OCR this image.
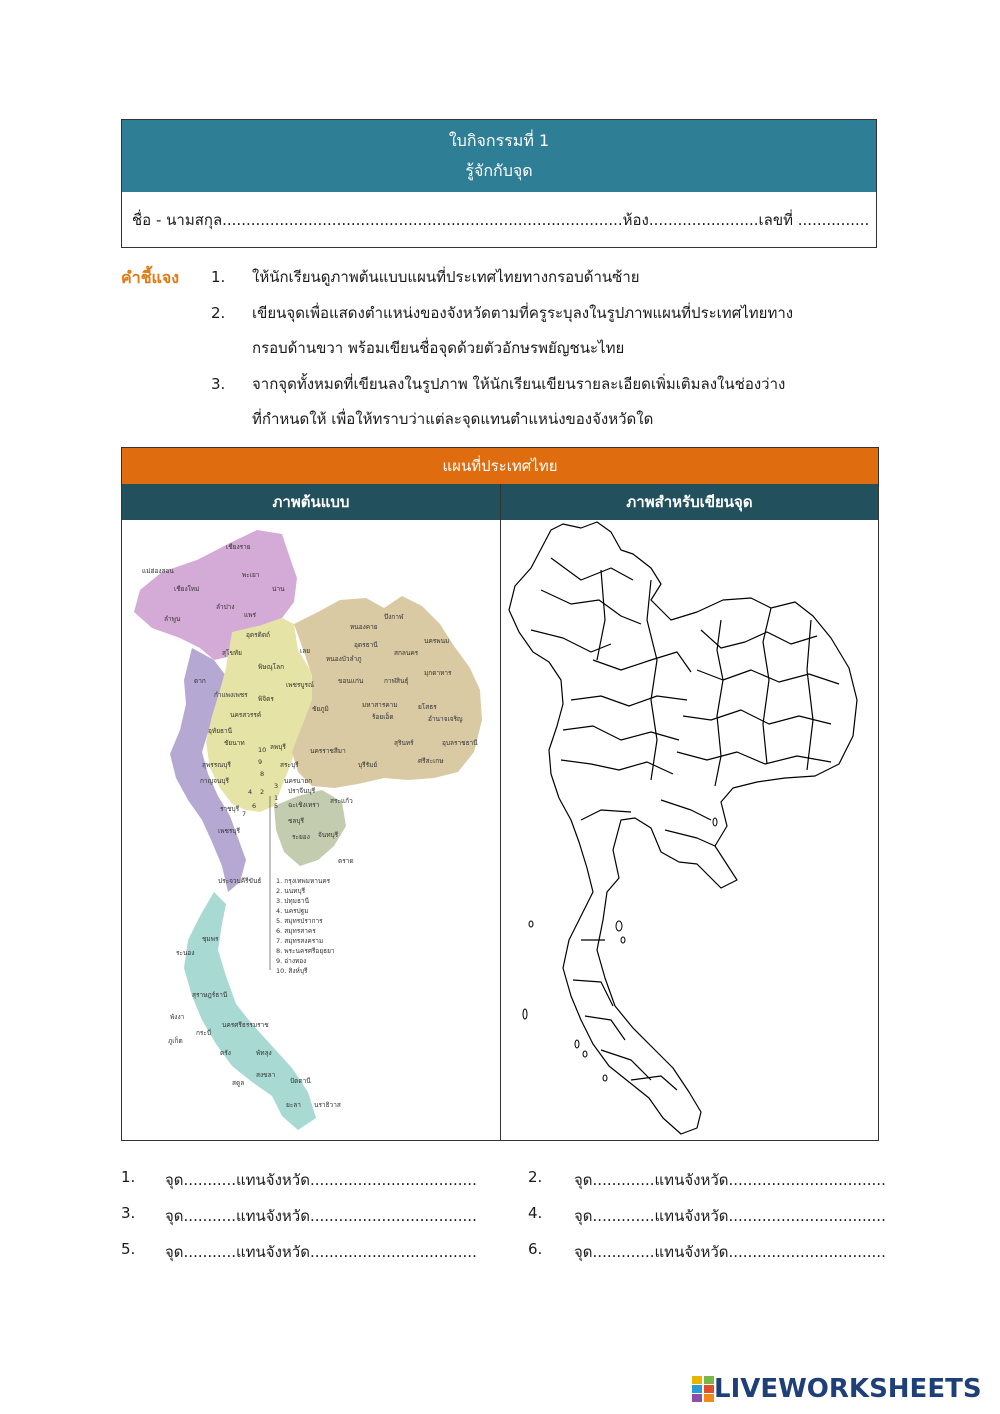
ใบกิจกรรมที่ 1
รู้จักกับจุด
ชื่อ - นามสกุล....................................................................................ห้อง.......................เลขที่ ...............
คำชี้แจง 1. ให้นักเรียนดูภาพต้นแบบแผนที่ประเทศไทยทางกรอบด้านซ้าย
2. เขียนจุดเพื่อแสดงตำแหน่งของจังหวัดตามที่ครูระบุลงในรูปภาพแผนที่ประเทศไทยทาง
กรอบด้านขวา พร้อมเขียนชื่อจุดด้วยตัวอักษรพยัญชนะไทย
3. จากจุดทั้งหมดที่เขียนลงในรูปภาพ ให้นักเรียนเขียนรายละเอียดเพิ่มเติมลงในช่องว่าง
ที่กำหนดให้ เพื่อให้ทราบว่าแต่ละจุดแทนตำแหน่งของจังหวัดใด
แผนที่ประเทศไทย
ภาพต้นแบบ	ภาพสำหรับเขียนจุด
เชียงราย
แม่ฮ่องสอน	พะเยา
น่าน
เชียงใหม่
ลำปาง
แพร่
ลำพูน
อุตรดิตถ์
สุโขทัย
ตาก
พิษณุโลก
เลย
หนองคาย
บึงกาฬ
อุดรธานี
สกลนคร
นครพนม
หนองบัวลำภู
ขอนแก่น	กาฬสินธุ์
มุกดาหาร
เพชรบูรณ์
กำแพงเพชร พิจิตร
นครสวรรค์
อุทัยธานี
ชัยภูมิ	มหาสารคาม
ร้อยเอ็ด
ยโสธร
อำนาจเจริญ
ชัยนาท	ลพบุรี	นครราชสีมา
สุรินทร์	อุบลราชธานี
สุพรรณบุรี	สระบุรี	บุรีรัมย์	ศรีสะเกษ
กาญจนบุรี	นครนายก
ปราจีนบุรี
ราชบุรี	ฉะเชิงเทรา สระแก้ว
เพชรบุรี
ชลบุรี
ระยอง จันทบุรี
ตราด
ประจวบคีรีขันธ์
ชุมพร
ระนอง
สุราษฎร์ธานี
พังงา
นครศรีธรรมราช
กระบี่
ภูเก็ต
ตรัง	พัทลุง
สตูล
สงขลา
ปัตตานี
ยะลา นราธิวาส
10
9
8
3
4 2
1
6	5
7
1. กรุงเทพมหานคร
2. นนทบุรี
3. ปทุมธานี
4. นครปฐม
5. สมุทรปราการ
6. สมุทรสาคร
7. สมุทรสงคราม
8. พระนครศรีอยุธยา
9. อ่างทอง
10. สิงห์บุรี
1. จุด...........แทนจังหวัด...................................	2. จุด.............แทนจังหวัด.................................
3. จุด...........แทนจังหวัด...................................	4. จุด.............แทนจังหวัด.................................
5. จุด...........แทนจังหวัด...................................	6. จุด.............แทนจังหวัด.................................
LIVEWORKSHEETS
